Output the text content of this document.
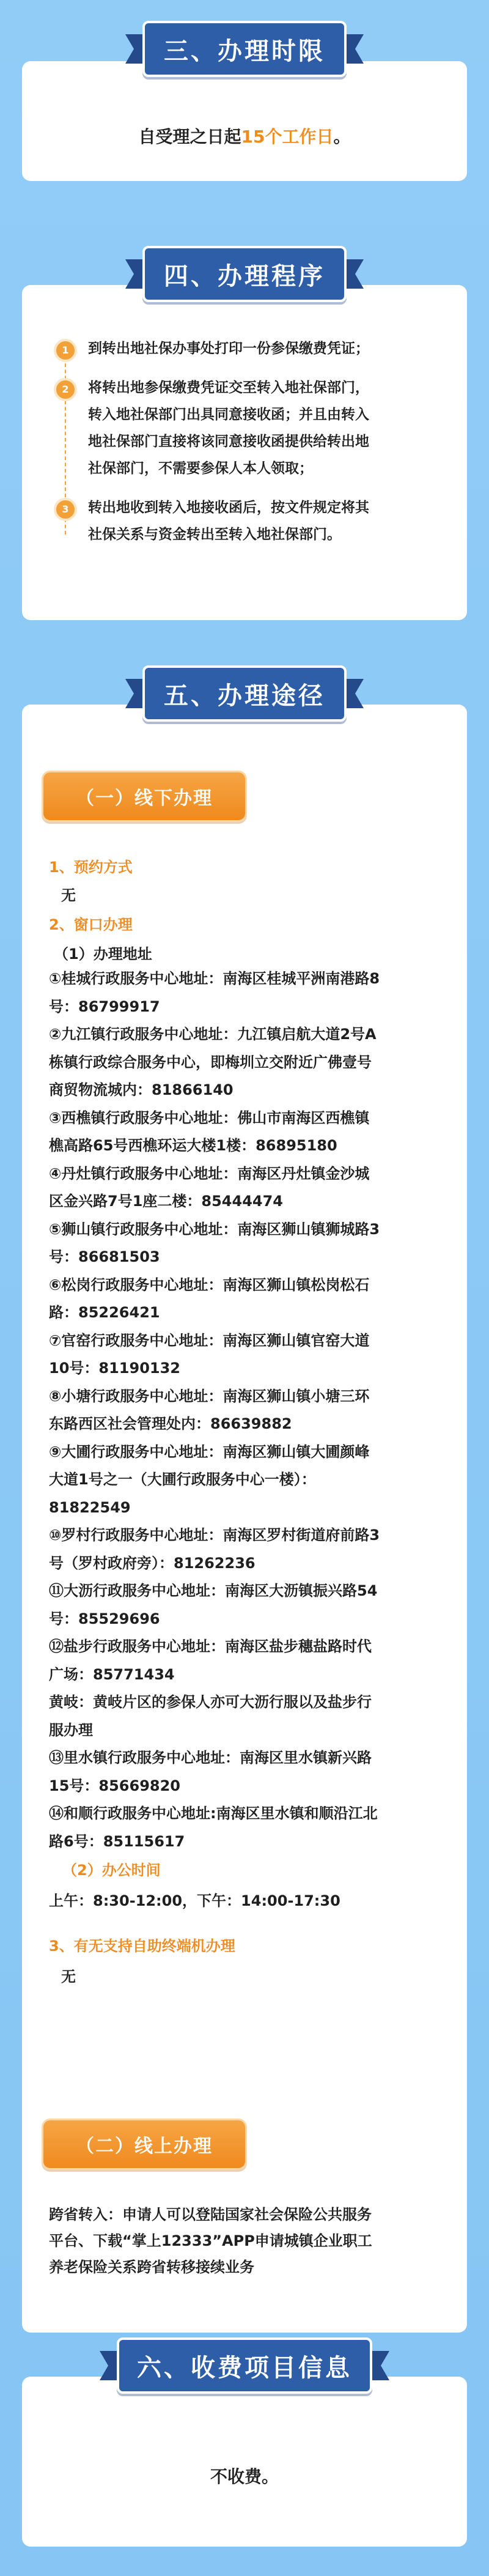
三、办理时限
自受理之日起15个工作日。
四、办理程序
1	到转出地社保办事处打印一份参保缴费凭证；
2	将转出地参保缴费凭证交至转入地社保部门，
转入地社保部门出具同意接收函；并且由转入
地社保部门直接将该同意接收函提供给转出地
社保部门，不需要参保人本人领取；
3	转出地收到转入地接收函后，按文件规定将其
社保关系与资金转出至转入地社保部门。
五、办理途径
（一）线下办理
1、预约方式
无
2、窗口办理
（1）办理地址
①桂城行政服务中心地址：南海区桂城平洲南港路8
号：86799917
②九江镇行政服务中心地址：九江镇启航大道2号A
栋镇行政综合服务中心，即梅圳立交附近广佛壹号
商贸物流城内：81866140
③西樵镇行政服务中心地址：佛山市南海区西樵镇
樵高路65号西樵环运大楼1楼：86895180
④丹灶镇行政服务中心地址：南海区丹灶镇金沙城
区金兴路7号1座二楼：85444474
⑤狮山镇行政服务中心地址：南海区狮山镇狮城路3
号：86681503
⑥松岗行政服务中心地址：南海区狮山镇松岗松石
路：85226421
⑦官窑行政服务中心地址：南海区狮山镇官窑大道
10号：81190132
⑧小塘行政服务中心地址：南海区狮山镇小塘三环
东路西区社会管理处内：86639882
⑨大圃行政服务中心地址：南海区狮山镇大圃颜峰
大道1号之一（大圃行政服务中心一楼）：
81822549
⑩罗村行政服务中心地址：南海区罗村街道府前路3
号（罗村政府旁）：81262236
⑪大沥行政服务中心地址：南海区大沥镇振兴路54
号：85529696
⑫盐步行政服务中心地址：南海区盐步穗盐路时代
广场：85771434
黄岐：黄岐片区的参保人亦可大沥行服以及盐步行
服办理
⑬里水镇行政服务中心地址：南海区里水镇新兴路
15号：85669820
⑭和顺行政服务中心地址:南海区里水镇和顺沿江北
路6号：85115617
（2）办公时间
上午：8:30-12:00，下午：14:00-17:30
3、有无支持自助终端机办理
无
（二）线上办理
跨省转入：申请人可以登陆国家社会保险公共服务
平台、下载“掌上12333”APP申请城镇企业职工
养老保险关系跨省转移接续业务
六、收费项目信息
不收费。
